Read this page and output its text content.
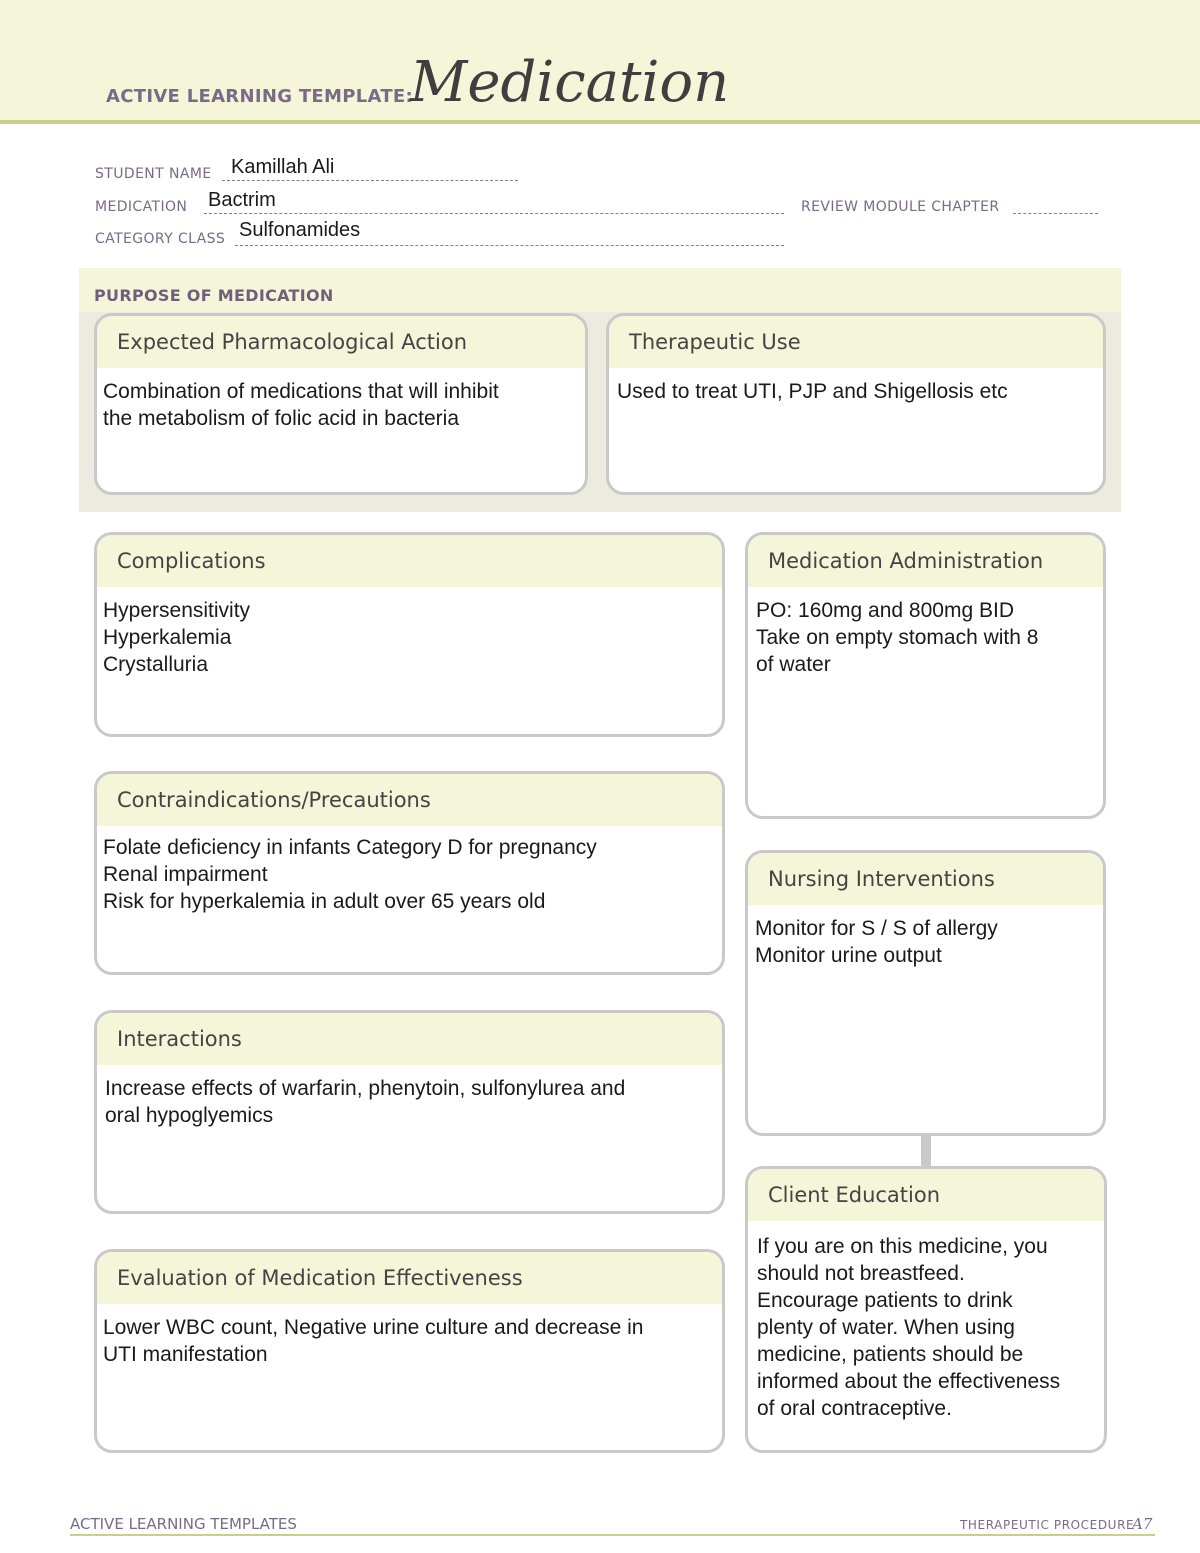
ACTIVE LEARNING TEMPLATE:
Medication
STUDENT NAME Kamillah Ali
MEDICATION Bactrim	REVIEW MODULE CHAPTER
CATEGORY CLASS Sulfonamides
PURPOSE OF MEDICATION
Expected Pharmacological Action
Combination of medications that will inhibit
the metabolism of folic acid in bacteria
Therapeutic Use
Used to treat UTI, PJP and Shigellosis etc
Complications
Hypersensitivity
Hyperkalemia
Crystalluria
Contraindications/Precautions
Folate deficiency in infants Category D for pregnancy
Renal impairment
Risk for hyperkalemia in adult over 65 years old
Interactions
Increase effects of warfarin, phenytoin, sulfonylurea and
oral hypoglyemics
Evaluation of Medication Effectiveness
Lower WBC count, Negative urine culture and decrease in
UTI manifestation
Medication Administration
PO: 160mg and 800mg BID
Take on empty stomach with 8
of water
Nursing Interventions
Monitor for S / S of allergy
Monitor urine output
Client Education
If you are on this medicine, you
should not breastfeed.
Encourage patients to drink
plenty of water. When using
medicine, patients should be
informed about the effectiveness
of oral contraceptive.
ACTIVE LEARNING TEMPLATES	THERAPEUTIC PROCEDURE
A7
